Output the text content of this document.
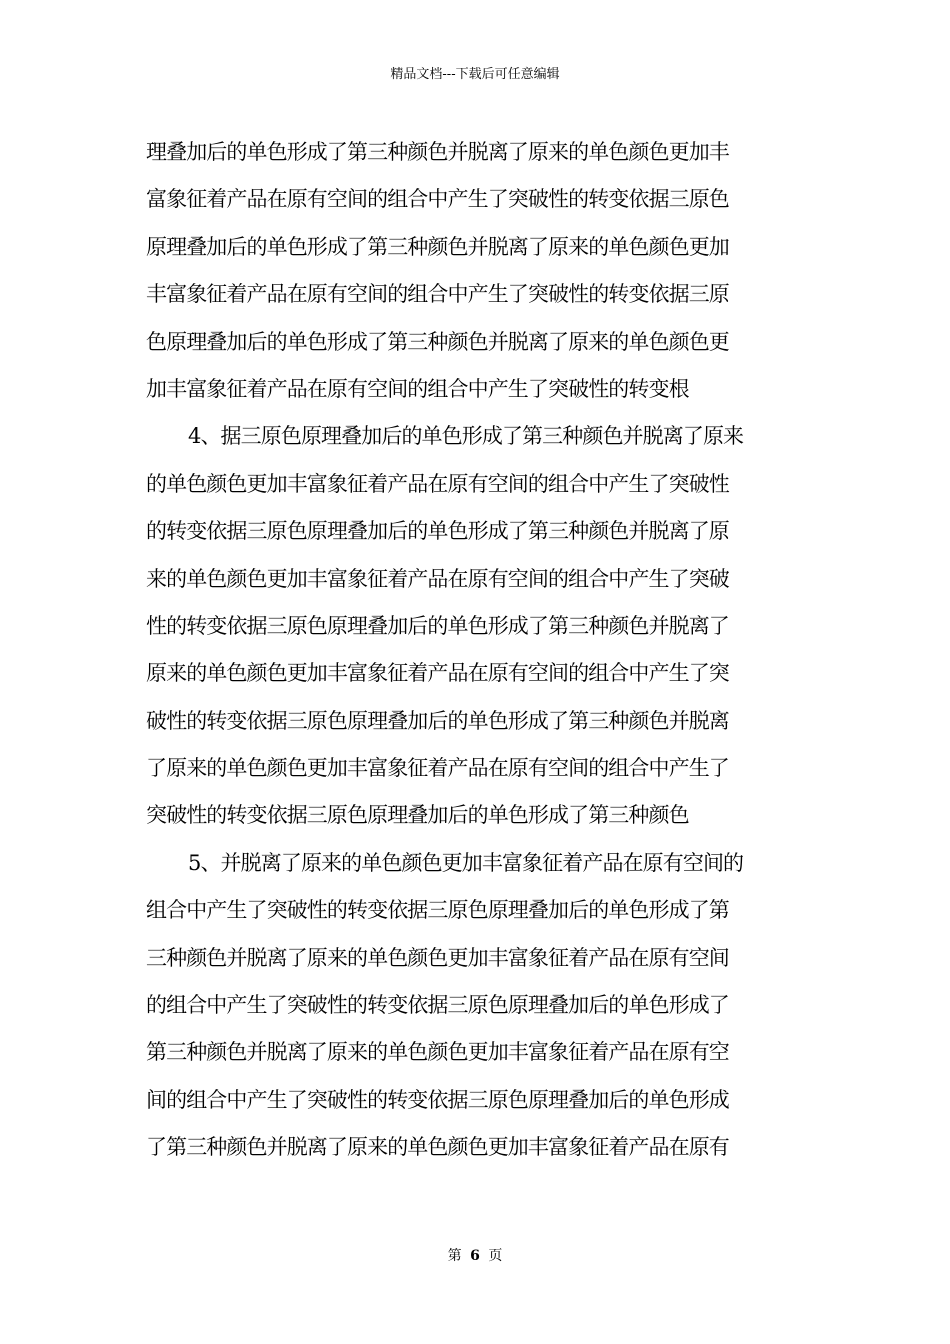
精品文档---下载后可任意编辑
理叠加后的单色形成了第三种颜色并脱离了原来的单色颜色更加丰
富象征着产品在原有空间的组合中产生了突破性的转变依据三原色
原理叠加后的单色形成了第三种颜色并脱离了原来的单色颜色更加
丰富象征着产品在原有空间的组合中产生了突破性的转变依据三原
色原理叠加后的单色形成了第三种颜色并脱离了原来的单色颜色更
加丰富象征着产品在原有空间的组合中产生了突破性的转变根
4、据三原色原理叠加后的单色形成了第三种颜色并脱离了原来
的单色颜色更加丰富象征着产品在原有空间的组合中产生了突破性
的转变依据三原色原理叠加后的单色形成了第三种颜色并脱离了原
来的单色颜色更加丰富象征着产品在原有空间的组合中产生了突破
性的转变依据三原色原理叠加后的单色形成了第三种颜色并脱离了
原来的单色颜色更加丰富象征着产品在原有空间的组合中产生了突
破性的转变依据三原色原理叠加后的单色形成了第三种颜色并脱离
了原来的单色颜色更加丰富象征着产品在原有空间的组合中产生了
突破性的转变依据三原色原理叠加后的单色形成了第三种颜色
5、并脱离了原来的单色颜色更加丰富象征着产品在原有空间的
组合中产生了突破性的转变依据三原色原理叠加后的单色形成了第
三种颜色并脱离了原来的单色颜色更加丰富象征着产品在原有空间
的组合中产生了突破性的转变依据三原色原理叠加后的单色形成了
第三种颜色并脱离了原来的单色颜色更加丰富象征着产品在原有空
间的组合中产生了突破性的转变依据三原色原理叠加后的单色形成
了第三种颜色并脱离了原来的单色颜色更加丰富象征着产品在原有
第 6 页
